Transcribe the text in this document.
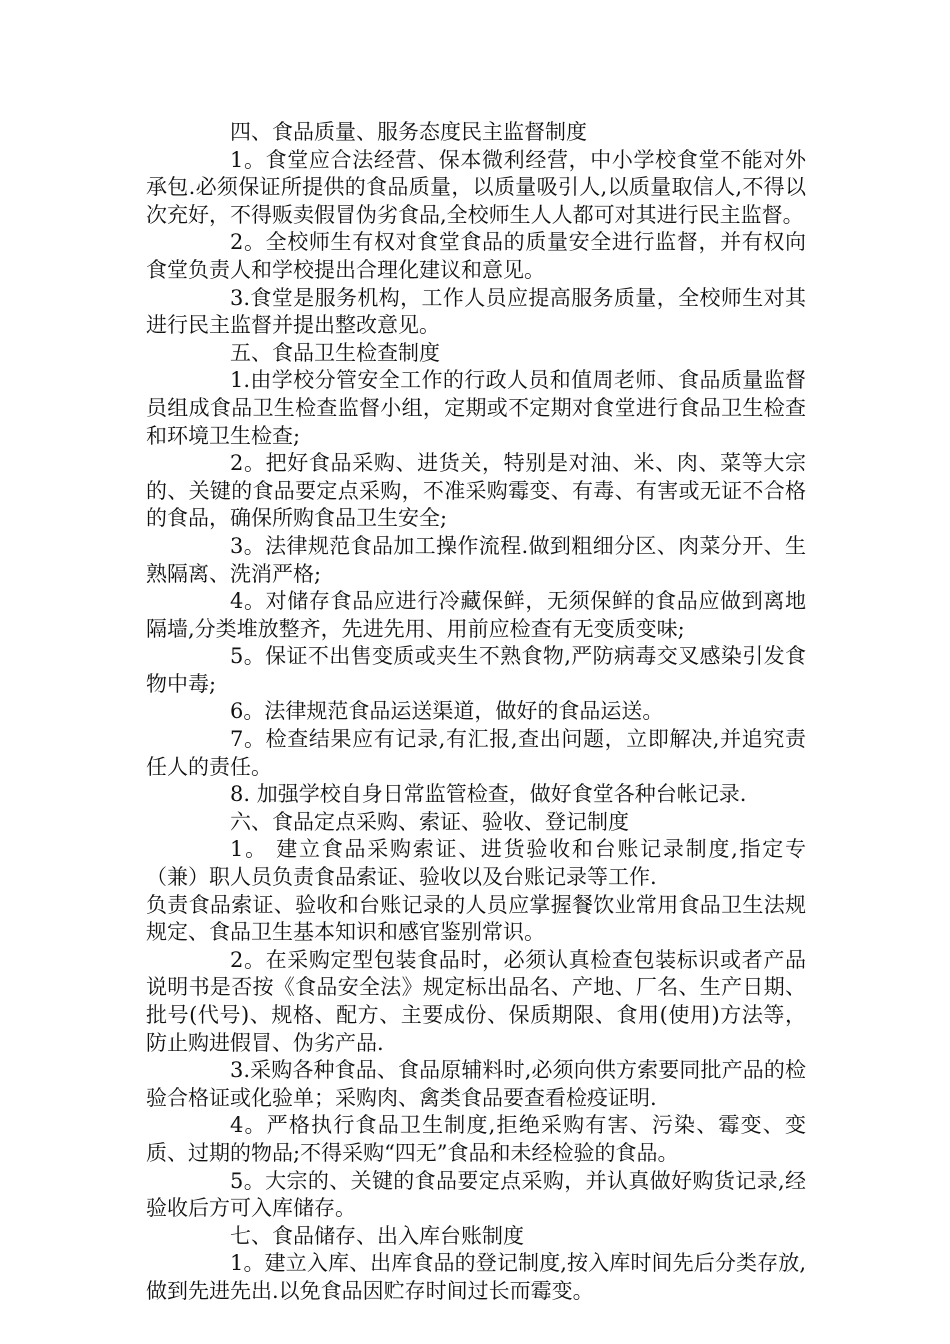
四、食品质量、服务态度民主监督制度

1。食堂应合法经营、保本微利经营，中小学校食堂不能对外承包.必须保证所提供的食品质量，以质量吸引人,以质量取信人,不得以次充好，不得贩卖假冒伪劣食品,全校师生人人都可对其进行民主监督。

2。全校师生有权对食堂食品的质量安全进行监督，并有权向食堂负责人和学校提出合理化建议和意见。

3.食堂是服务机构，工作人员应提高服务质量，全校师生对其进行民主监督并提出整改意见。

五、食品卫生检查制度

1.由学校分管安全工作的行政人员和值周老师、食品质量监督员组成食品卫生检查监督小组，定期或不定期对食堂进行食品卫生检查和环境卫生检查;

2。把好食品采购、进货关，特别是对油、米、肉、菜等大宗的、关键的食品要定点采购，不准采购霉变、有毒、有害或无证不合格的食品，确保所购食品卫生安全;

3。法律规范食品加工操作流程.做到粗细分区、肉菜分开、生熟隔离、洗消严格;

4。对储存食品应进行冷藏保鲜，无须保鲜的食品应做到离地隔墙,分类堆放整齐，先进先用、用前应检查有无变质变味;

5。保证不出售变质或夹生不熟食物,严防病毒交叉感染引发食物中毒;

6。法律规范食品运送渠道，做好的食品运送。

7。检查结果应有记录,有汇报,查出问题，立即解决,并追究责任人的责任。

8. 加强学校自身日常监管检查，做好食堂各种台帐记录.

六、食品定点采购、索证、验收、登记制度

1。 建立食品采购索证、进货验收和台账记录制度,指定专（兼）职人员负责食品索证、验收以及台账记录等工作.

负责食品索证、验收和台账记录的人员应掌握餐饮业常用食品卫生法规规定、食品卫生基本知识和感官鉴别常识。

2。在采购定型包装食品时，必须认真检查包装标识或者产品说明书是否按《食品安全法》规定标出品名、产地、厂名、生产日期、批号(代号)、规格、配方、主要成份、保质期限、食用(使用)方法等，防止购进假冒、伪劣产品.

3.采购各种食品、食品原辅料时,必须向供方索要同批产品的检验合格证或化验单；采购肉、禽类食品要查看检疫证明.

4。严格执行食品卫生制度,拒绝采购有害、污染、霉变、变质、过期的物品;不得采购“四无”食品和未经检验的食品。

5。大宗的、关键的食品要定点采购，并认真做好购货记录,经验收后方可入库储存。

七、食品储存、出入库台账制度

1。建立入库、出库食品的登记制度,按入库时间先后分类存放,做到先进先出.以免食品因贮存时间过长而霉变。
